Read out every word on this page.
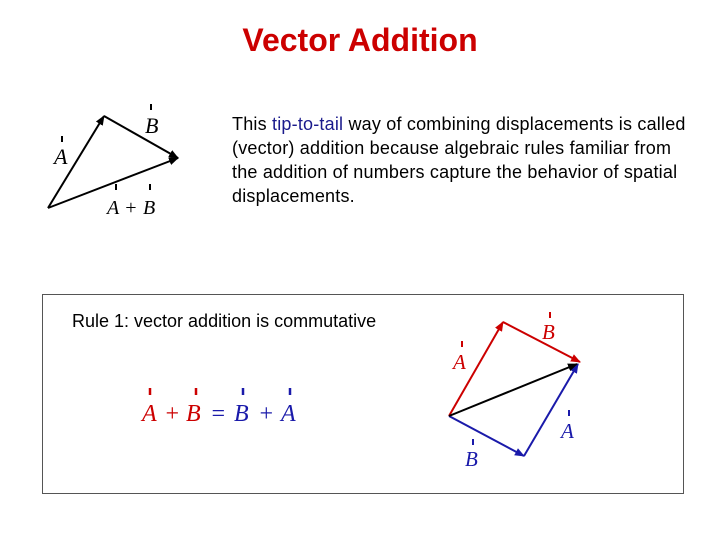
Vector Addition
A
B
A + B

This tip-to-tail way of combining displacements is called (vector) addition because algebraic rules familiar from the addition of numbers capture the behavior of spatial displacements.

Rule 1: vector addition is commutative
A + B = B + A
A
B
B
A
